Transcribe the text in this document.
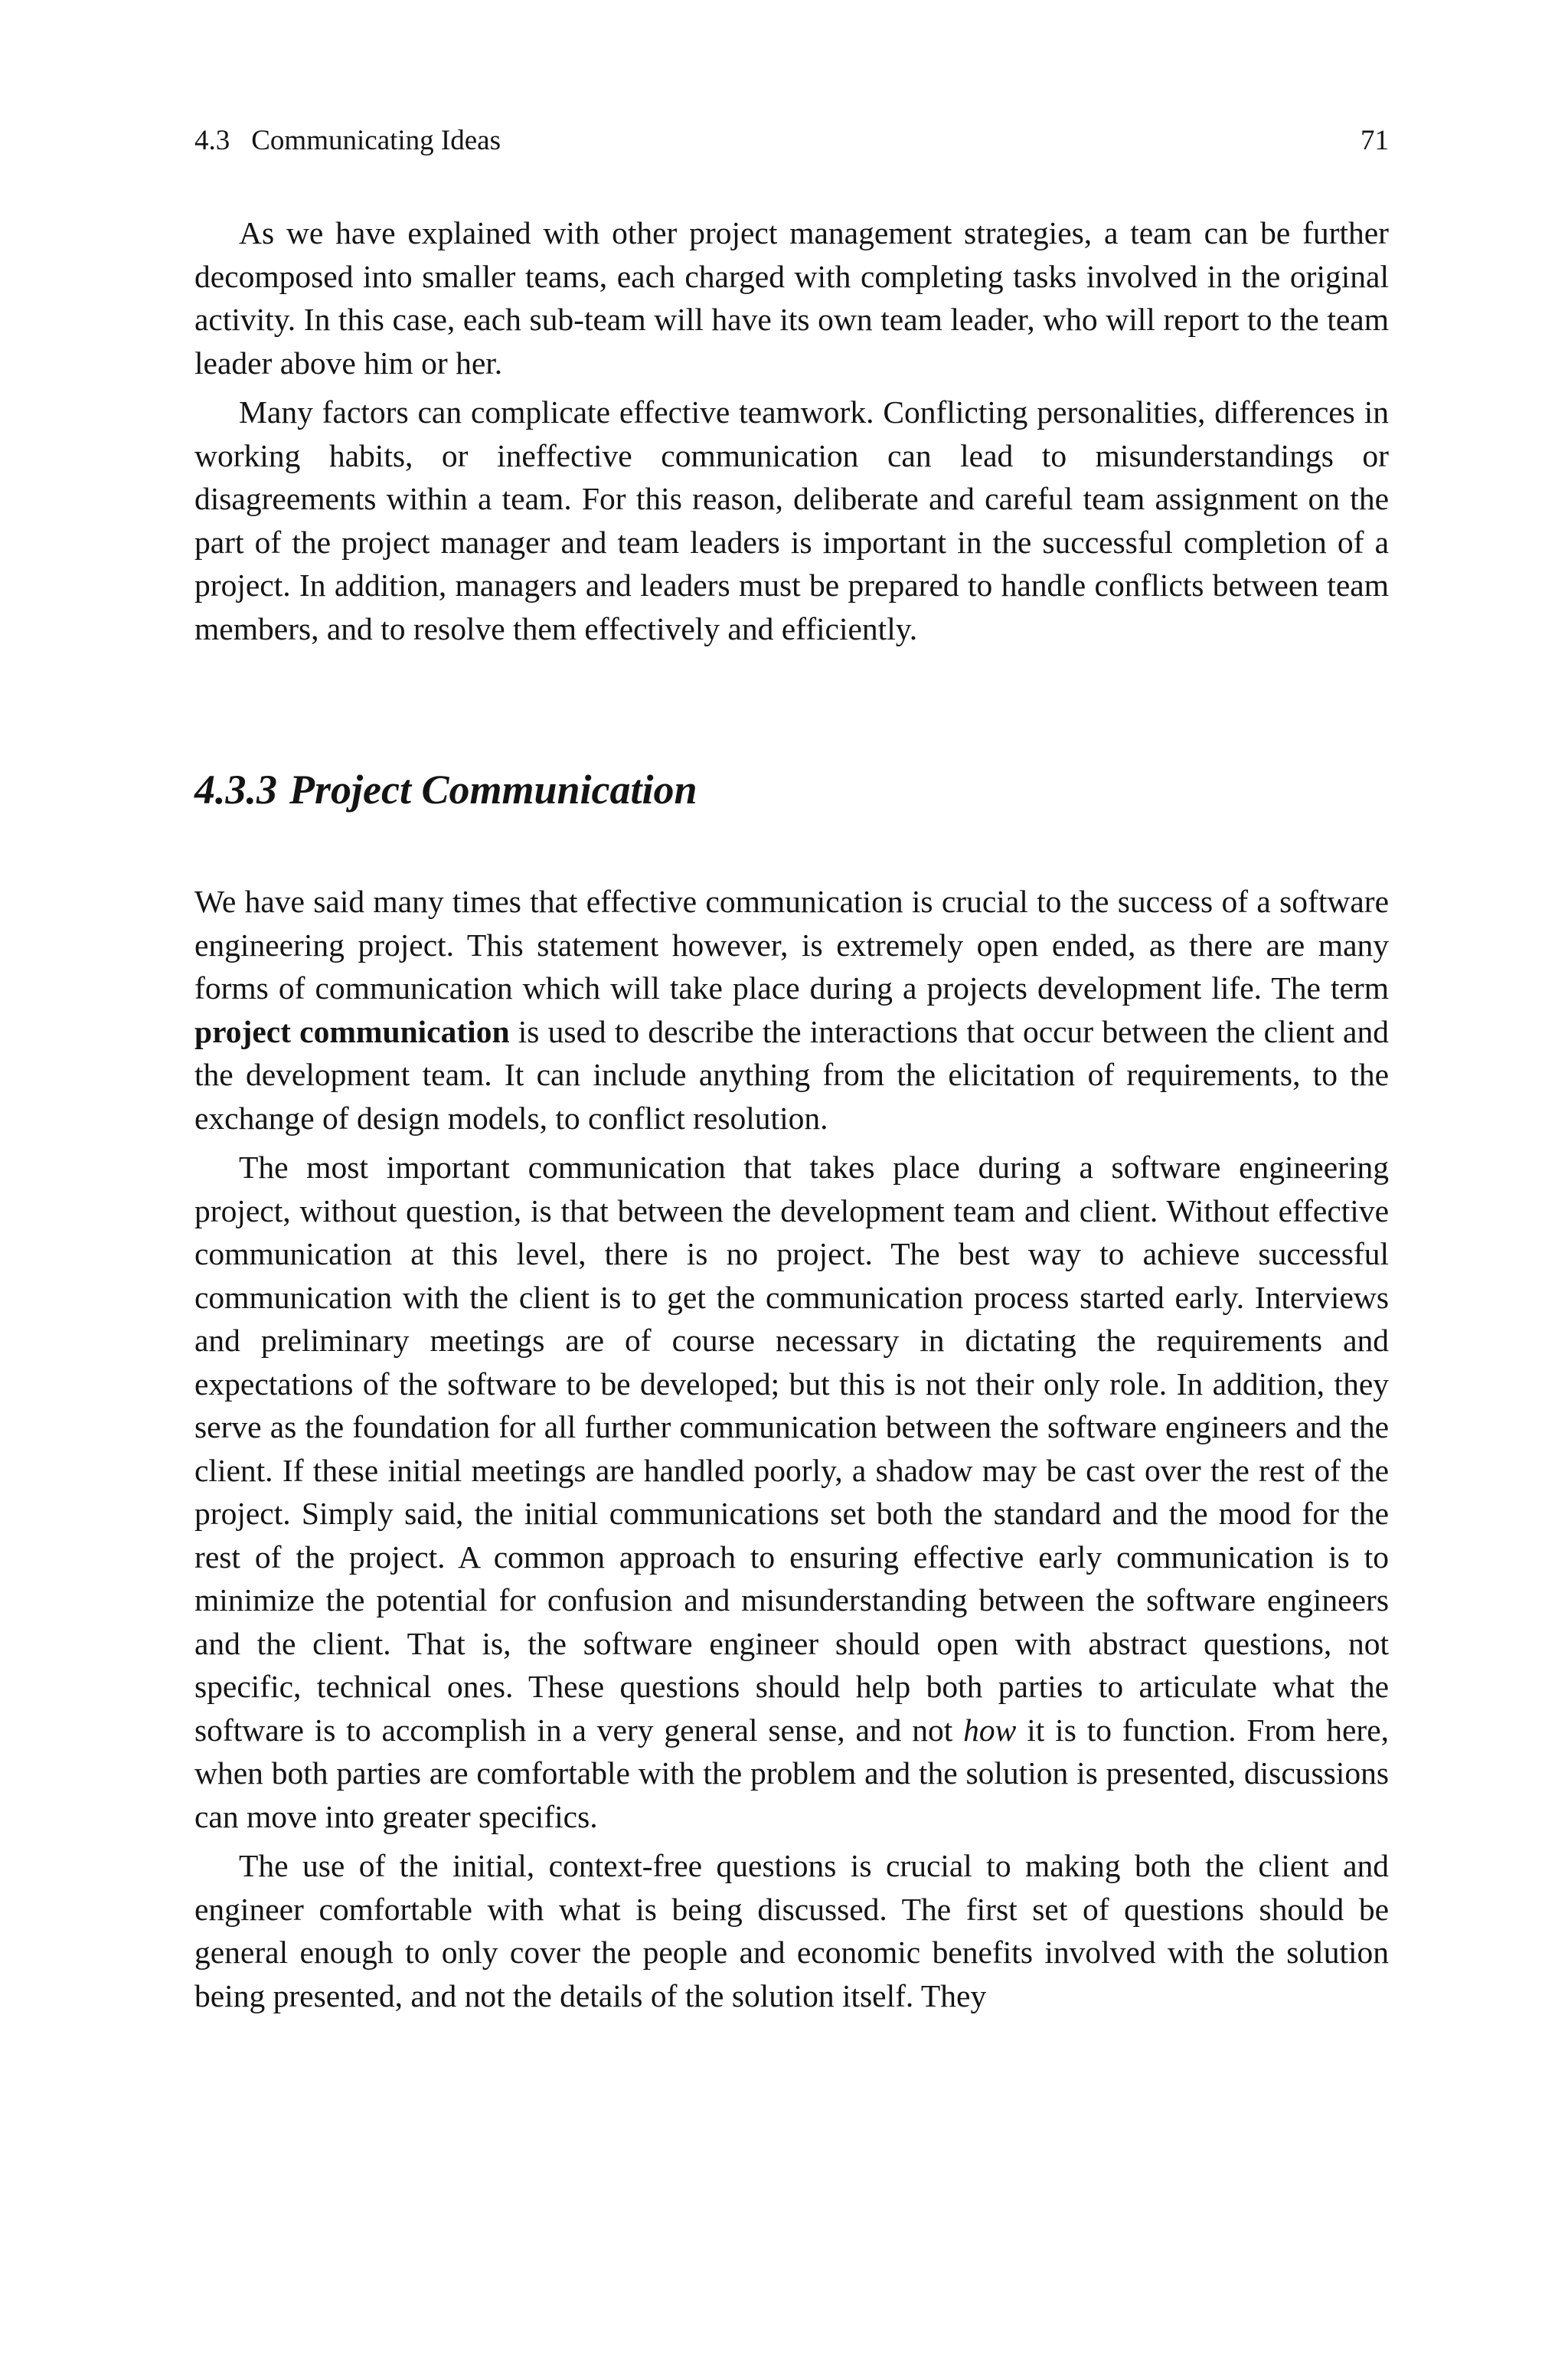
4.3 Communicating Ideas	71

As we have explained with other project management strategies, a team can be further decomposed into smaller teams, each charged with completing tasks involved in the original activity. In this case, each sub-team will have its own team leader, who will report to the team leader above him or her.

Many factors can complicate effective teamwork. Conflicting personalities, differences in working habits, or ineffective communication can lead to misunderstandings or disagreements within a team. For this reason, deliberate and careful team assignment on the part of the project manager and team leaders is important in the successful completion of a project. In addition, managers and leaders must be prepared to handle conflicts between team members, and to resolve them effectively and efficiently.

4.3.3 Project Communication

We have said many times that effective communication is crucial to the success of a software engineering project. This statement however, is extremely open ended, as there are many forms of communication which will take place during a projects development life. The term project communication is used to describe the interactions that occur between the client and the development team. It can include anything from the elicitation of requirements, to the exchange of design models, to conflict resolution.

The most important communication that takes place during a software engineering project, without question, is that between the development team and client. Without effective communication at this level, there is no project. The best way to achieve successful communication with the client is to get the communication process started early. Interviews and preliminary meetings are of course necessary in dictating the requirements and expectations of the software to be developed; but this is not their only role. In addition, they serve as the foundation for all further communication between the software engineers and the client. If these initial meetings are handled poorly, a shadow may be cast over the rest of the project. Simply said, the initial communications set both the standard and the mood for the rest of the project. A common approach to ensuring effective early communication is to minimize the potential for confusion and misunderstanding between the software engineers and the client. That is, the software engineer should open with abstract questions, not specific, technical ones. These questions should help both parties to articulate what the software is to accomplish in a very general sense, and not how it is to function. From here, when both parties are comfortable with the problem and the solution is presented, discussions can move into greater specifics.

The use of the initial, context-free questions is crucial to making both the client and engineer comfortable with what is being discussed. The first set of questions should be general enough to only cover the people and economic benefits involved with the solution being presented, and not the details of the solution itself. They
